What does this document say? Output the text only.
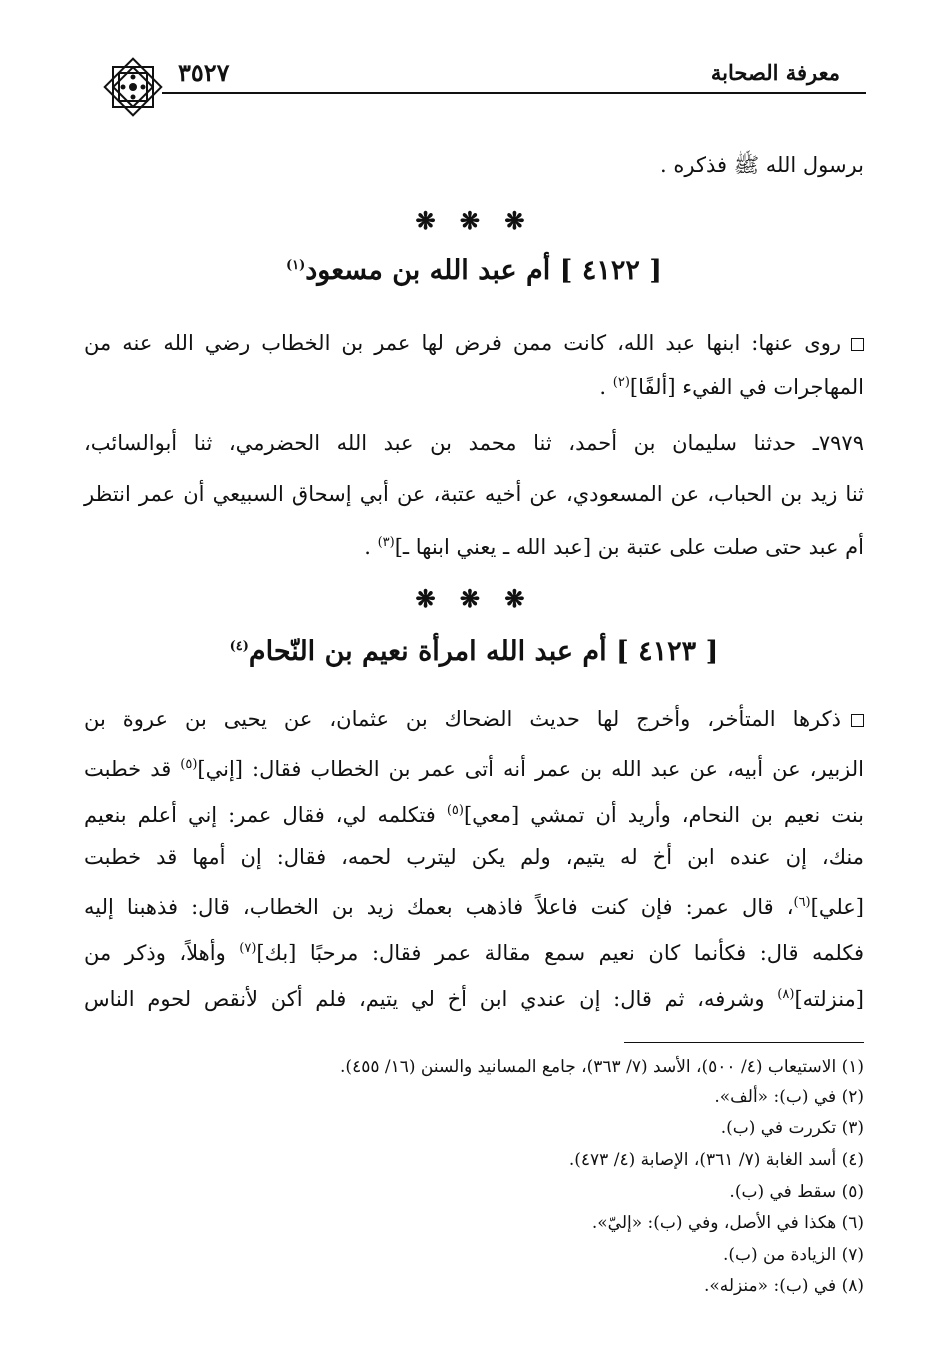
معرفة الصحابة
٣٥٢٧
برسول الله ﷺ فذكره .
❋ ❋ ❋
[ ٤١٢٢ ] أم عبد الله بن مسعود$^{(١)}$
روى عنها: ابنها عبد الله، كانت ممن فرض لها عمر بن الخطاب رضي الله عنه من
المهاجرات في الفيء [ألفًا]$^{(٢)}$ .
٧٩٧٩ـ حدثنا سليمان بن أحمد، ثنا محمد بن عبد الله الحضرمي، ثنا أبوالسائب،
ثنا زيد بن الحباب، عن المسعودي، عن أخيه عتبة، عن أبي إسحاق السبيعي أن عمر انتظر
أم عبد حتى صلت على عتبة بن [عبد الله ـ يعني ابنها ـ]$^{(٣)}$ .
❋ ❋ ❋
[ ٤١٢٣ ] أم عبد الله امرأة نعيم بن النّحام$^{(٤)}$
ذكرها المتأخر، وأخرج لها حديث الضحاك بن عثمان، عن يحيى بن عروة بن
الزبير، عن أبيه، عن عبد الله بن عمر أنه أتى عمر بن الخطاب فقال: [إني]$^{(٥)}$ قد خطبت
بنت نعيم بن النحام، وأريد أن تمشي [معي]$^{(٥)}$ فتكلمه لي، فقال عمر: إني أعلم بنعيم
منك، إن عنده ابن أخ له يتيم، ولم يكن ليترب لحمه، فقال: إن أمها قد خطبت
[علي]$^{(٦)}$، قال عمر: فإن كنت فاعلاً فاذهب بعمك زيد بن الخطاب، قال: فذهبنا إليه
فكلمه قال: فكأنما كان نعيم سمع مقالة عمر فقال: مرحبًا [بك]$^{(٧)}$ وأهلاً، وذكر من
[منزلته]$^{(٨)}$ وشرفه، ثم قال: إن عندي ابن أخ لي يتيم، فلم أكن لأنقص لحوم الناس
(١) الاستيعاب (٤/ ٥٠٠)، الأسد (٧/ ٣٦٣)، جامع المسانيد والسنن (١٦/ ٤٥٥).
(٢) في (ب): «ألف».
(٣) تكررت في (ب).
(٤) أسد الغابة (٧/ ٣٦١)، الإصابة (٤/ ٤٧٣).
(٥) سقط في (ب).
(٦) هكذا في الأصل، وفي (ب): «إليّ».
(٧) الزيادة من (ب).
(٨) في (ب): «منزله».
